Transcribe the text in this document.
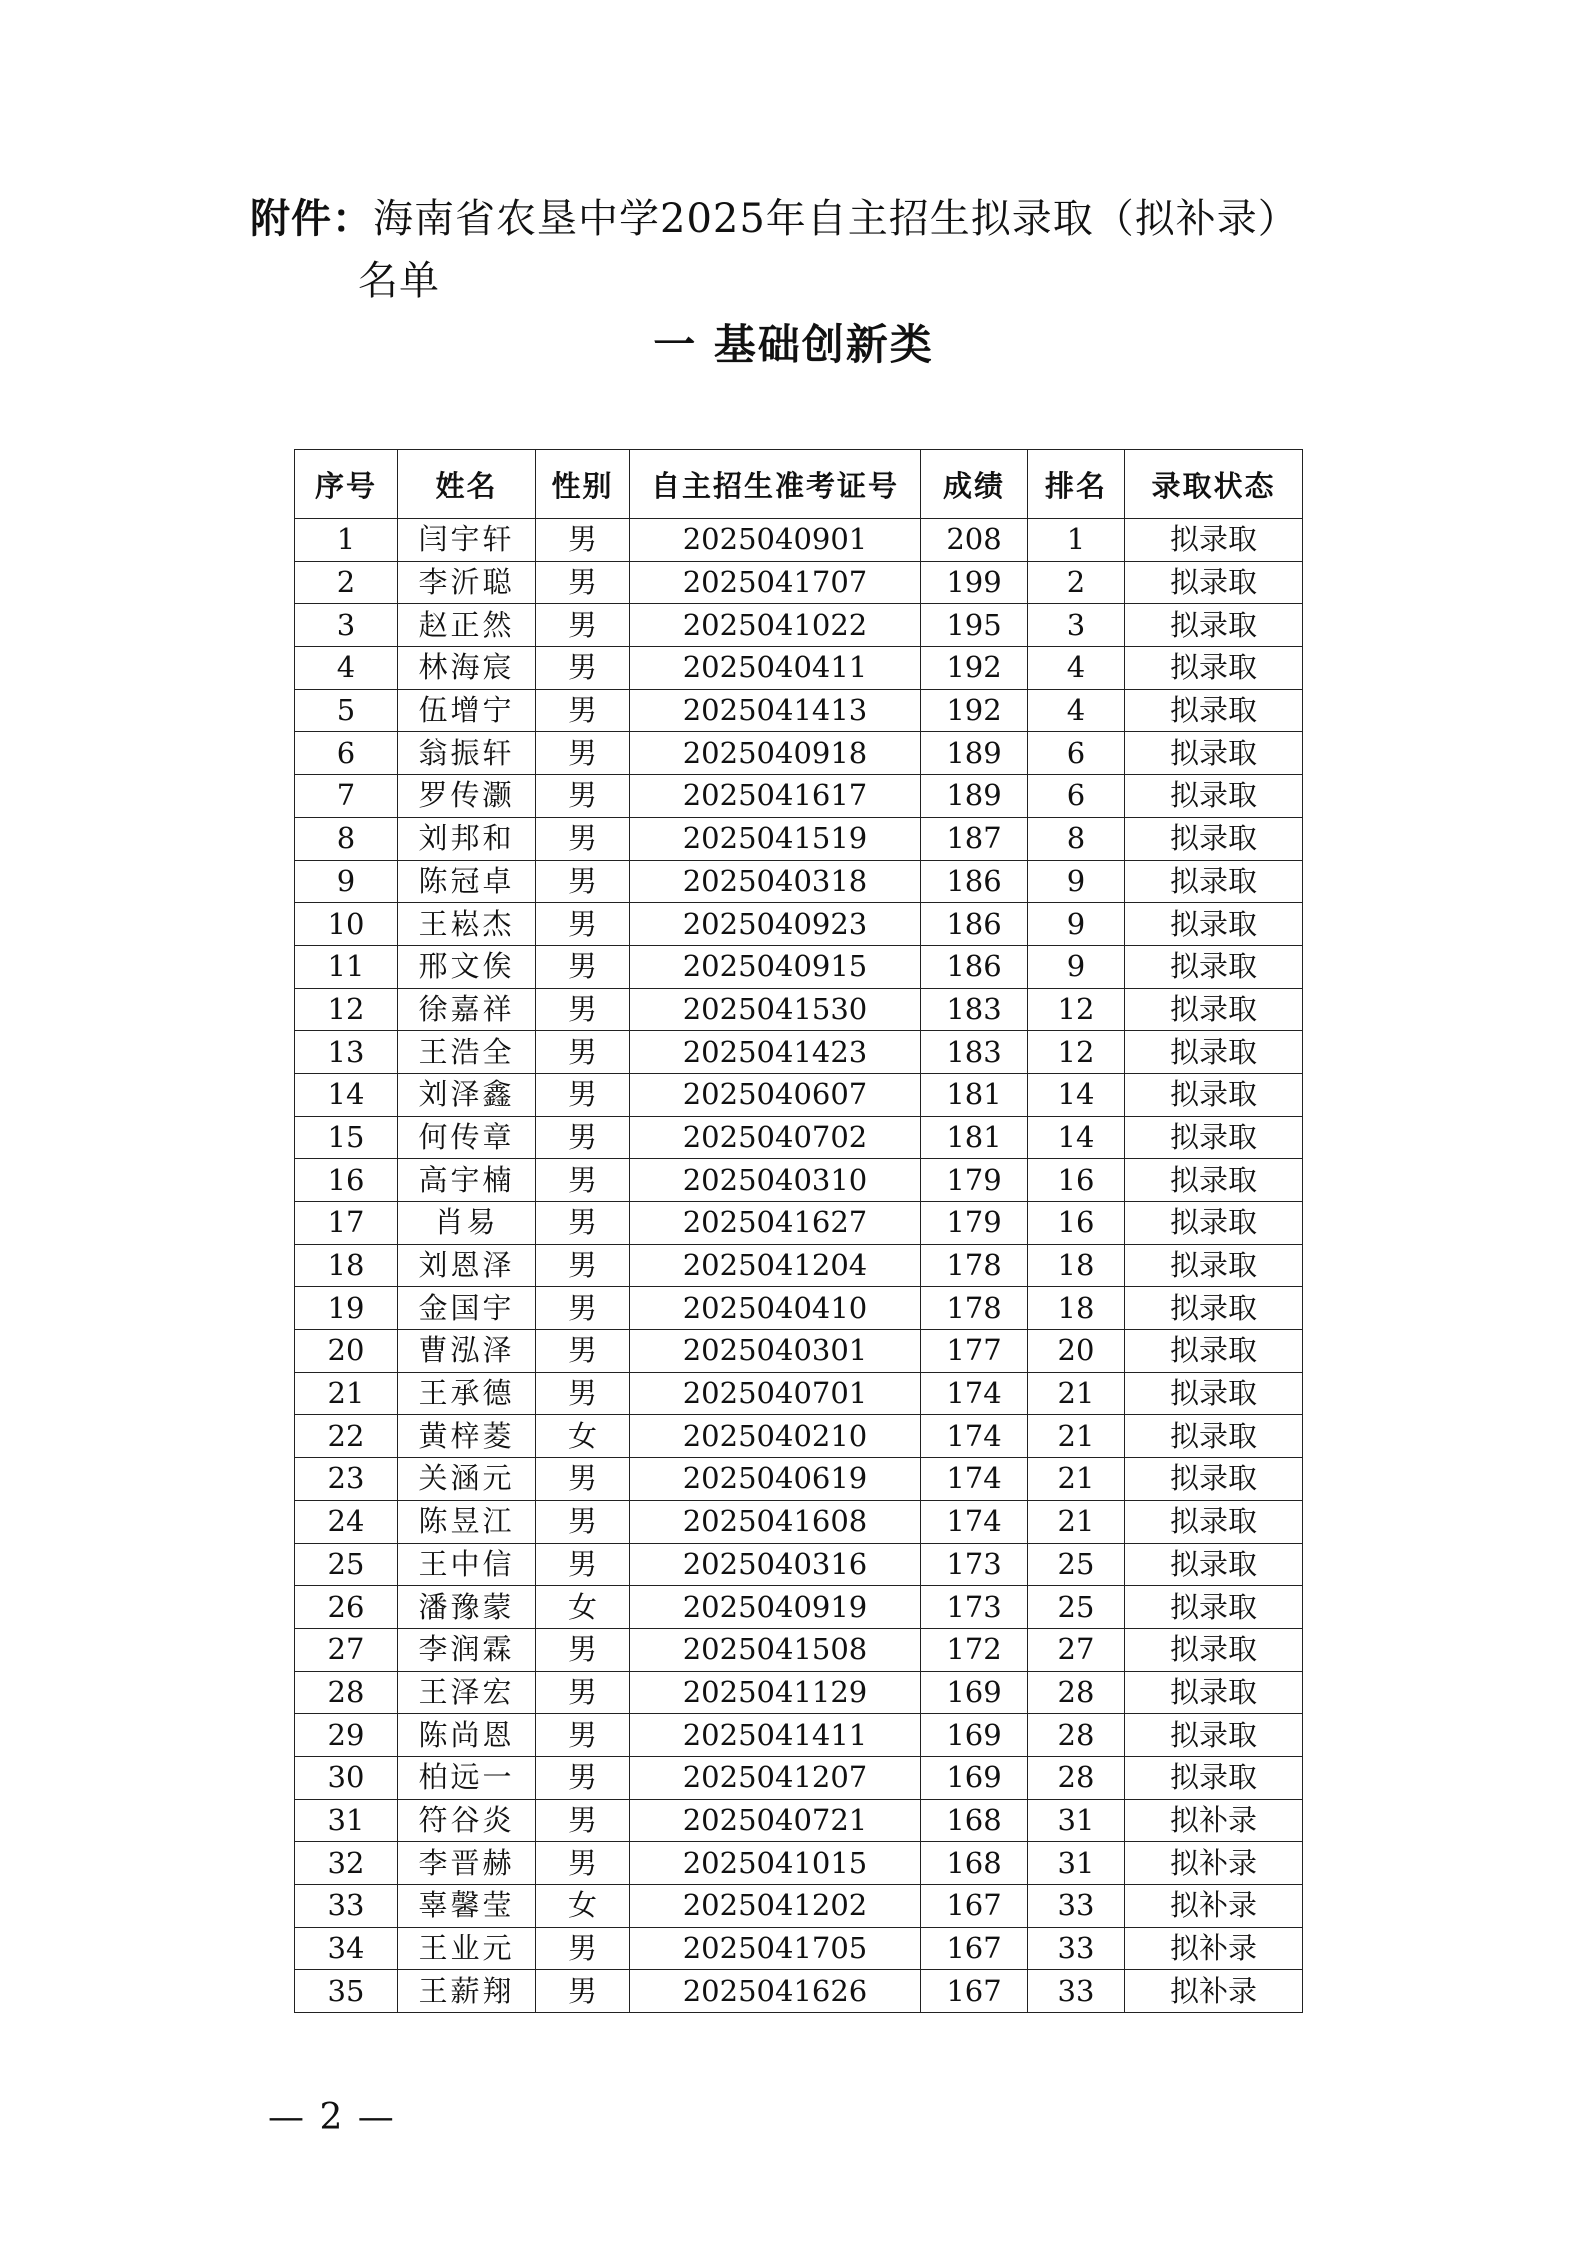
附件：海南省农垦中学2025年自主招生拟录取（拟补录）
名单
一 基础创新类
序号	姓名	性别	自主招生准考证号	成绩	排名	录取状态
1	闫宇轩	男	2025040901	208	1	拟录取
2	李沂聪	男	2025041707	199	2	拟录取
3	赵正然	男	2025041022	195	3	拟录取
4	林海宸	男	2025040411	192	4	拟录取
5	伍增宁	男	2025041413	192	4	拟录取
6	翁振轩	男	2025040918	189	6	拟录取
7	罗传灏	男	2025041617	189	6	拟录取
8	刘邦和	男	2025041519	187	8	拟录取
9	陈冠卓	男	2025040318	186	9	拟录取
10	王崧杰	男	2025040923	186	9	拟录取
11	邢文俟	男	2025040915	186	9	拟录取
12	徐嘉祥	男	2025041530	183	12	拟录取
13	王浩全	男	2025041423	183	12	拟录取
14	刘泽鑫	男	2025040607	181	14	拟录取
15	何传章	男	2025040702	181	14	拟录取
16	高宇楠	男	2025040310	179	16	拟录取
17	肖易	男	2025041627	179	16	拟录取
18	刘恩泽	男	2025041204	178	18	拟录取
19	金国宇	男	2025040410	178	18	拟录取
20	曹泓泽	男	2025040301	177	20	拟录取
21	王承德	男	2025040701	174	21	拟录取
22	黄梓菱	女	2025040210	174	21	拟录取
23	关涵元	男	2025040619	174	21	拟录取
24	陈昱江	男	2025041608	174	21	拟录取
25	王中信	男	2025040316	173	25	拟录取
26	潘豫蒙	女	2025040919	173	25	拟录取
27	李润霖	男	2025041508	172	27	拟录取
28	王泽宏	男	2025041129	169	28	拟录取
29	陈尚恩	男	2025041411	169	28	拟录取
30	柏远一	男	2025041207	169	28	拟录取
31	符谷炎	男	2025040721	168	31	拟补录
32	李晋赫	男	2025041015	168	31	拟补录
33	辜馨莹	女	2025041202	167	33	拟补录
34	王业元	男	2025041705	167	33	拟补录
35	王薪翔	男	2025041626	167	33	拟补录
— 2 —
